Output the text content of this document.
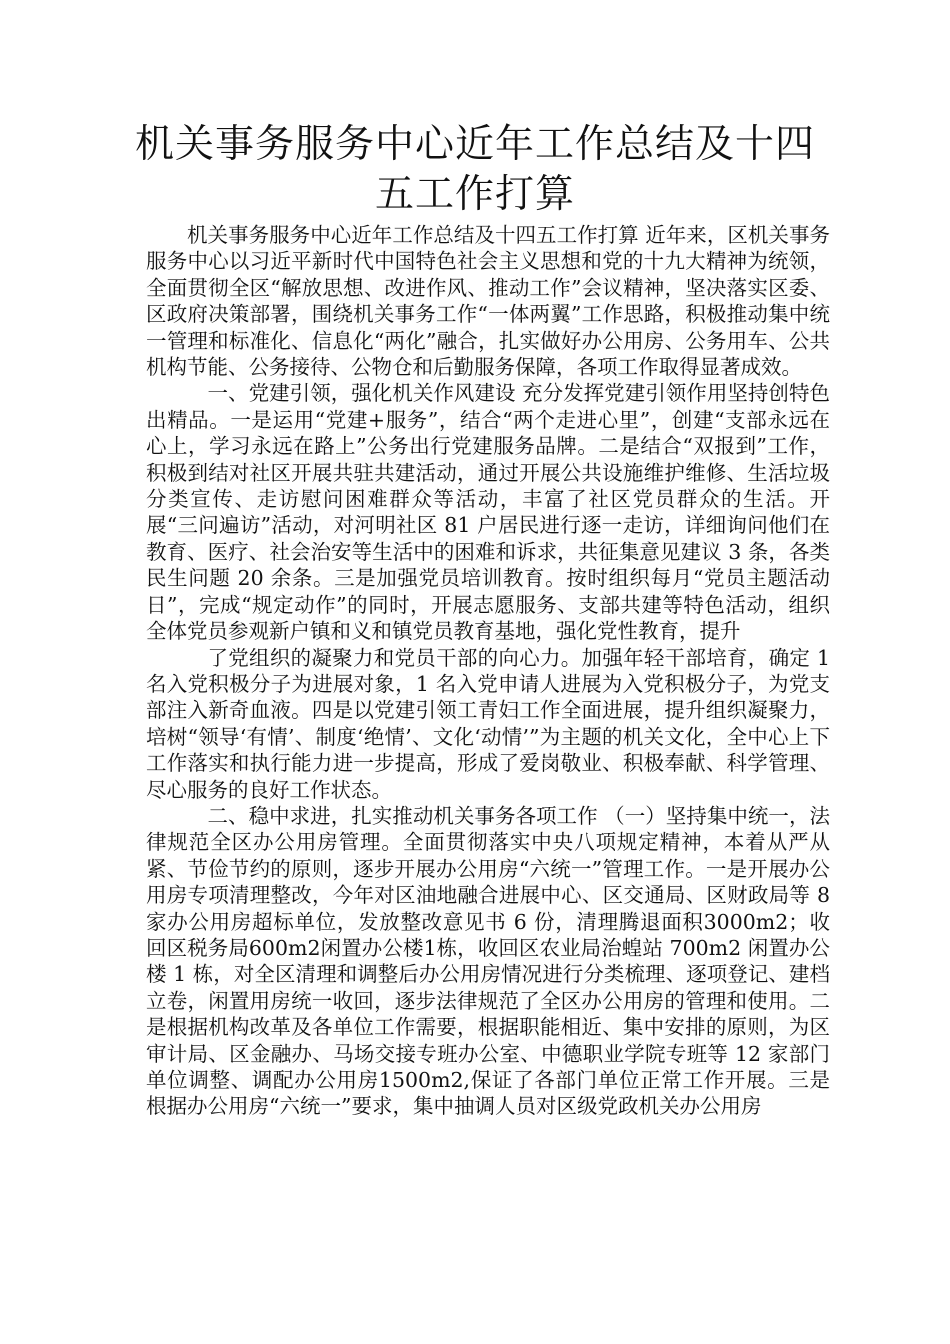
机关事务服务中心近年工作总结及十四五工作打算

机关事务服务中心近年工作总结及十四五工作打算 近年来，区机关事务服务中心以习近平新时代中国特色社会主义思想和党的十九大精神为统领，全面贯彻全区“解放思想、改进作风、推动工作”会议精神，坚决落实区委、区政府决策部署，围绕机关事务工作“一体两翼”工作思路，积极推动集中统一管理和标准化、信息化“两化”融合，扎实做好办公用房、公务用车、公共机构节能、公务接待、公物仓和后勤服务保障，各项工作取得显著成效。

一、党建引领，强化机关作风建设 充分发挥党建引领作用坚持创特色出精品。一是运用“党建+服务”，结合“两个走进心里”，创建“支部永远在心上，学习永远在路上”公务出行党建服务品牌。二是结合“双报到”工作，积极到结对社区开展共驻共建活动，通过开展公共设施维护维修、生活垃圾分类宣传、走访慰问困难群众等活动，丰富了社区党员群众的生活。开展“三问遍访”活动，对河明社区 81 户居民进行逐一走访，详细询问他们在教育、医疗、社会治安等生活中的困难和诉求，共征集意见建议 3 条，各类民生问题 20 余条。三是加强党员培训教育。按时组织每月“党员主题活动日”，完成“规定动作”的同时，开展志愿服务、支部共建等特色活动，组织全体党员参观新户镇和义和镇党员教育基地，强化党性教育，提升

了党组织的凝聚力和党员干部的向心力。加强年轻干部培育，确定 1 名入党积极分子为进展对象，1 名入党申请人进展为入党积极分子，为党支部注入新奇血液。四是以党建引领工青妇工作全面进展，提升组织凝聚力，培树“领导‘有情’、制度‘绝情’、文化‘动情’”为主题的机关文化，全中心上下工作落实和执行能力进一步提高，形成了爱岗敬业、积极奉献、科学管理、尽心服务的良好工作状态。

二、稳中求进，扎实推动机关事务各项工作 （一）坚持集中统一，法律规范全区办公用房管理。全面贯彻落实中央八项规定精神，本着从严从紧、节俭节约的原则，逐步开展办公用房“六统一”管理工作。一是开展办公用房专项清理整改，今年对区油地融合进展中心、区交通局、区财政局等 8 家办公用房超标单位，发放整改意见书 6 份，清理腾退面积3000m2；收回区税务局600m2闲置办公楼1栋，收回区农业局治蝗站 700m2 闲置办公楼 1 栋，对全区清理和调整后办公用房情况进行分类梳理、逐项登记、建档立卷，闲置用房统一收回，逐步法律规范了全区办公用房的管理和使用。二是根据机构改革及各单位工作需要，根据职能相近、集中安排的原则，为区审计局、区金融办、马场交接专班办公室、中德职业学院专班等 12 家部门单位调整、调配办公用房1500m2,保证了各部门单位正常工作开展。三是根据办公用房“六统一”要求，集中抽调人员对区级党政机关办公用房
